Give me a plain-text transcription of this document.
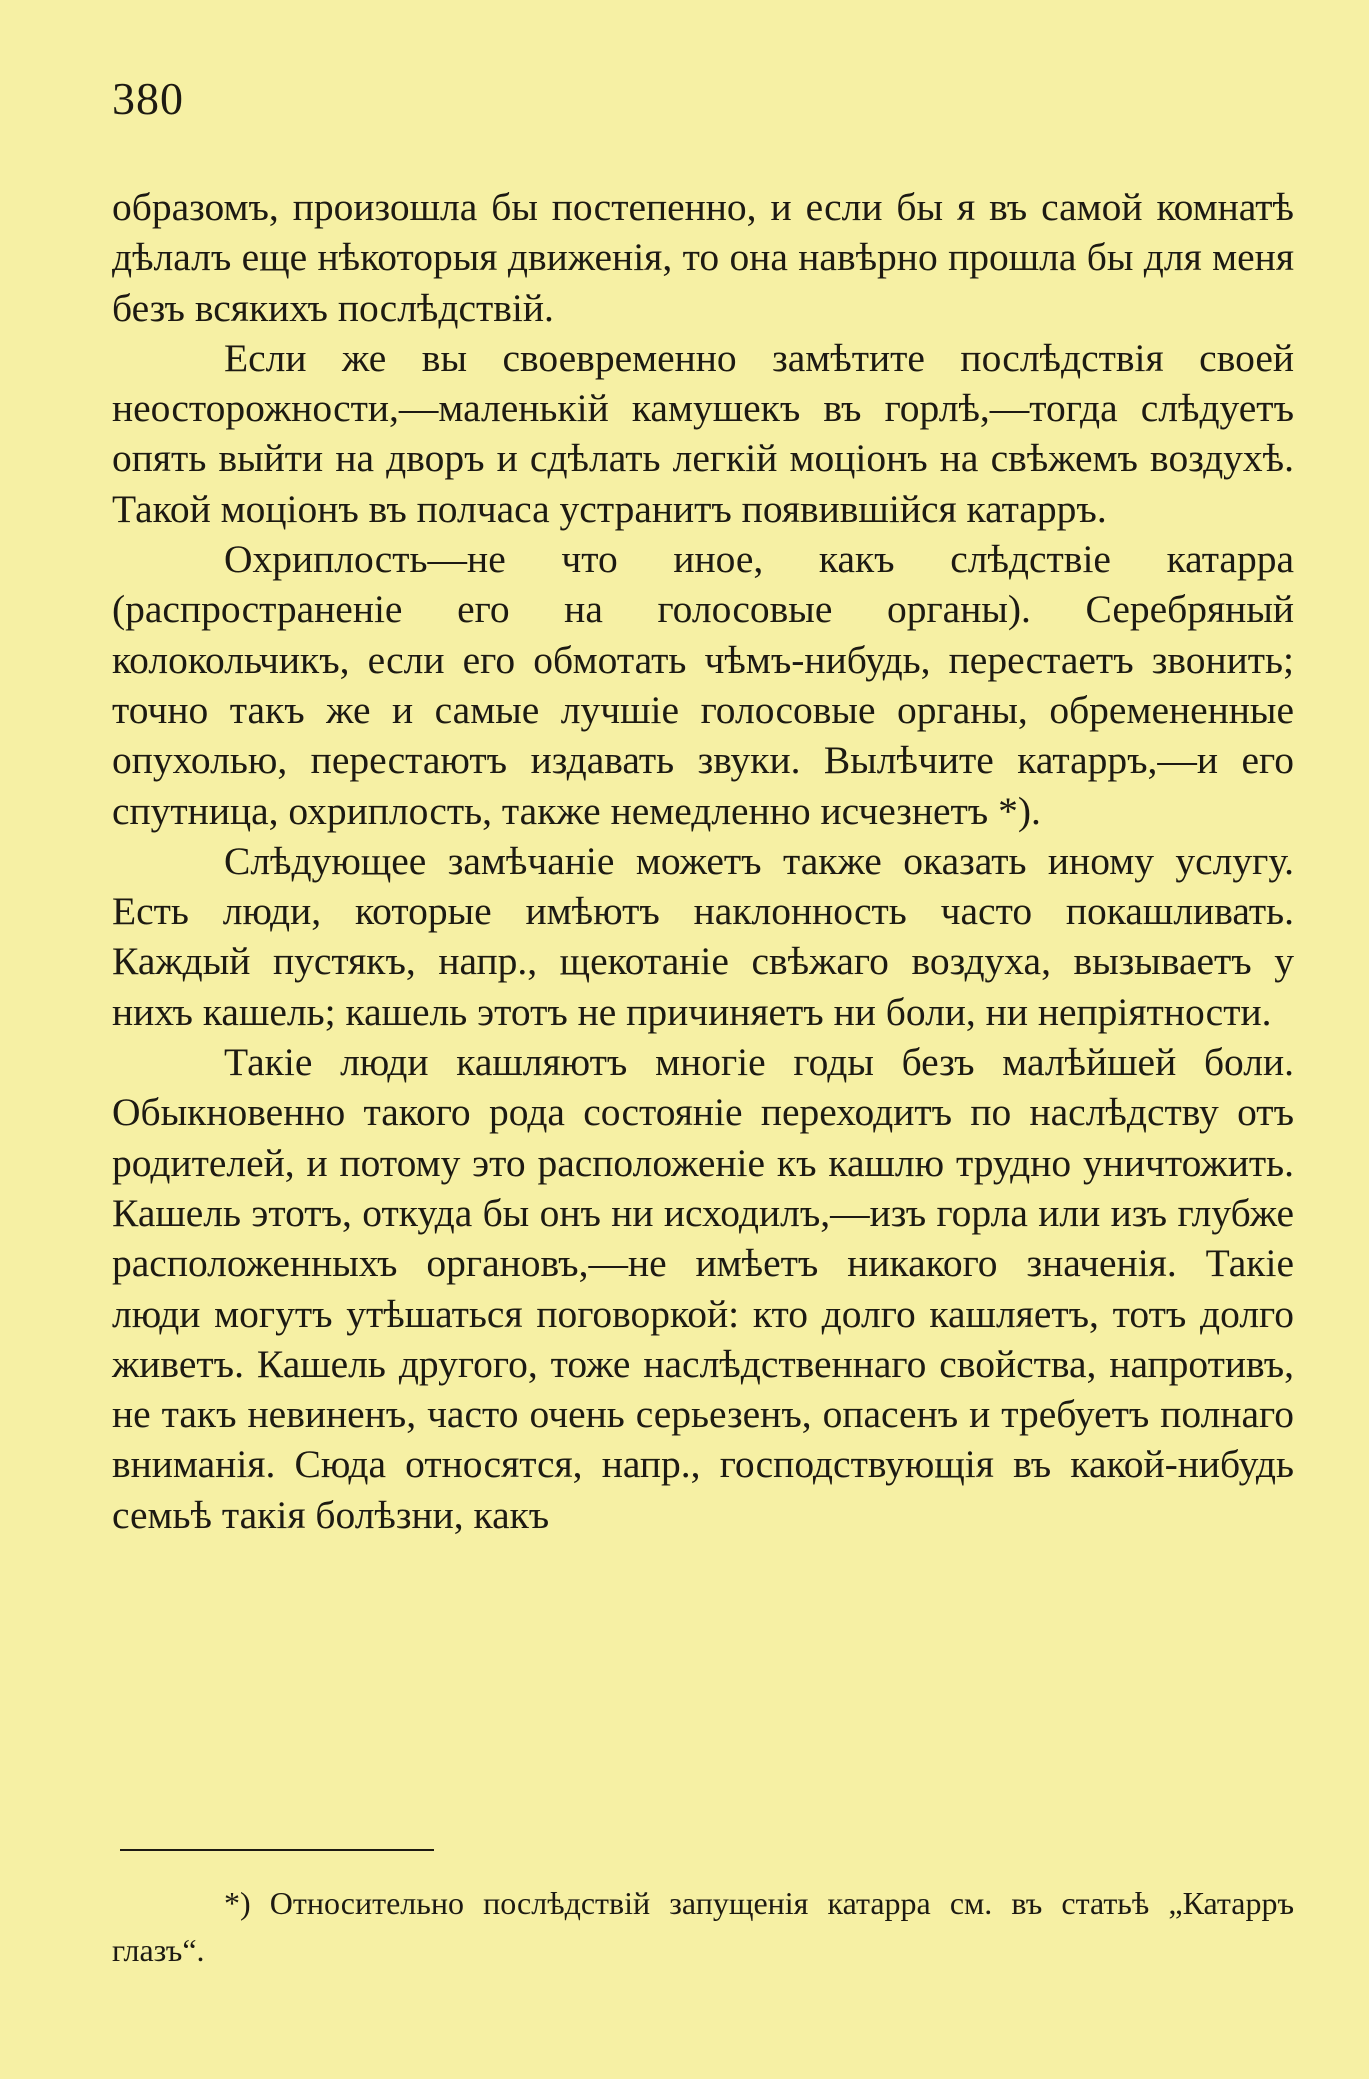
380

образомъ, произошла бы постепенно, и если бы я въ самой комнатѣ дѣлалъ еще нѣкоторыя движенія, то она навѣрно прошла бы для меня безъ всякихъ послѣдствій.

Если же вы своевременно замѣтите послѣдствія своей неосторожности,—маленькій камушекъ въ горлѣ,—тогда слѣдуетъ опять выйти на дворъ и сдѣлать легкій моціонъ на свѣжемъ воздухѣ. Такой моціонъ въ полчаса устранитъ появившійся катарръ.

Охриплость—не что иное, какъ слѣдствіе катарра (распространеніе его на голосовые органы). Серебряный колокольчикъ, если его обмотать чѣмъ-нибудь, перестаетъ звонить; точно такъ же и самые лучшіе голосовые органы, обремененные опухолью, перестаютъ издавать звуки. Вылѣчите катарръ,—и его спутница, охриплость, также немедленно исчезнетъ *).

Слѣдующее замѣчаніе можетъ также оказать иному услугу. Есть люди, которые имѣютъ наклонность часто покашливать. Каждый пустякъ, напр., щекотаніе свѣжаго воздуха, вызываетъ у нихъ кашель; кашель этотъ не причиняетъ ни боли, ни непріятности.

Такіе люди кашляютъ многіе годы безъ малѣйшей боли. Обыкновенно такого рода состояніе переходитъ по наслѣдству отъ родителей, и потому это расположеніе къ кашлю трудно уничтожить. Кашель этотъ, откуда бы онъ ни исходилъ,—изъ горла или изъ глубже расположенныхъ органовъ,—не имѣетъ никакого значенія. Такіе люди могутъ утѣшаться поговоркой: кто долго кашляетъ, тотъ долго живетъ. Кашель другого, тоже наслѣдственнаго свойства, напротивъ, не такъ невиненъ, часто очень серьезенъ, опасенъ и требуетъ полнаго вниманія. Сюда относятся, напр., господствующія въ какой-нибудь семьѣ такія болѣзни, какъ

*) Относительно послѣдствій запущенія катарра см. въ статьѣ „Катарръ глазъ“.
